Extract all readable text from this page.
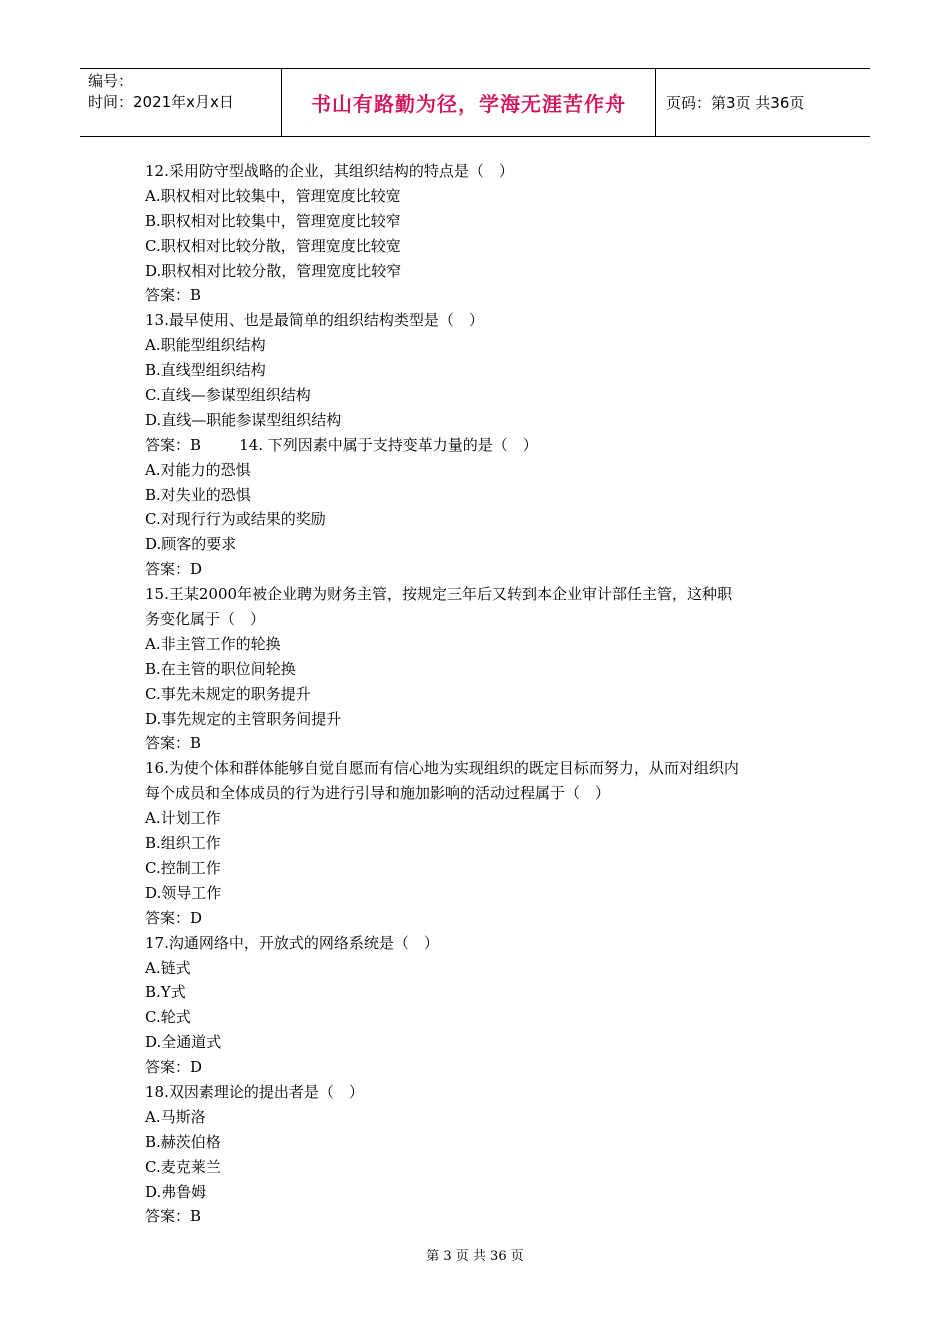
编号：
时间：2021年x月x日	书山有路勤为径，学海无涯苦作舟	页码：第3页 共36页
12.采用防守型战略的企业，其组织结构的特点是（　）
A.职权相对比较集中，管理宽度比较宽
B.职权相对比较集中，管理宽度比较窄
C.职权相对比较分散，管理宽度比较宽
D.职权相对比较分散，管理宽度比较窄
答案：B
13.最早使用、也是最简单的组织结构类型是（　）
A.职能型组织结构
B.直线型组织结构
C.直线—参谋型组织结构
D.直线—职能参谋型组织结构
答案：B        14. 下列因素中属于支持变革力量的是（　）
A.对能力的恐惧
B.对失业的恐惧
C.对现行行为或结果的奖励
D.顾客的要求
答案：D
15.王某2000年被企业聘为财务主管，按规定三年后又转到本企业审计部任主管，这种职
务变化属于（　）
A.非主管工作的轮换
B.在主管的职位间轮换
C.事先未规定的职务提升
D.事先规定的主管职务间提升
答案：B
16.为使个体和群体能够自觉自愿而有信心地为实现组织的既定目标而努力，从而对组织内
每个成员和全体成员的行为进行引导和施加影响的活动过程属于（　）
A.计划工作
B.组织工作
C.控制工作
D.领导工作
答案：D
17.沟通网络中，开放式的网络系统是（　）
A.链式
B.Y式
C.轮式
D.全通道式
答案：D
18.双因素理论的提出者是（　）
A.马斯洛
B.赫茨伯格
C.麦克莱兰
D.弗鲁姆
答案：B
第 3 页 共 36 页
